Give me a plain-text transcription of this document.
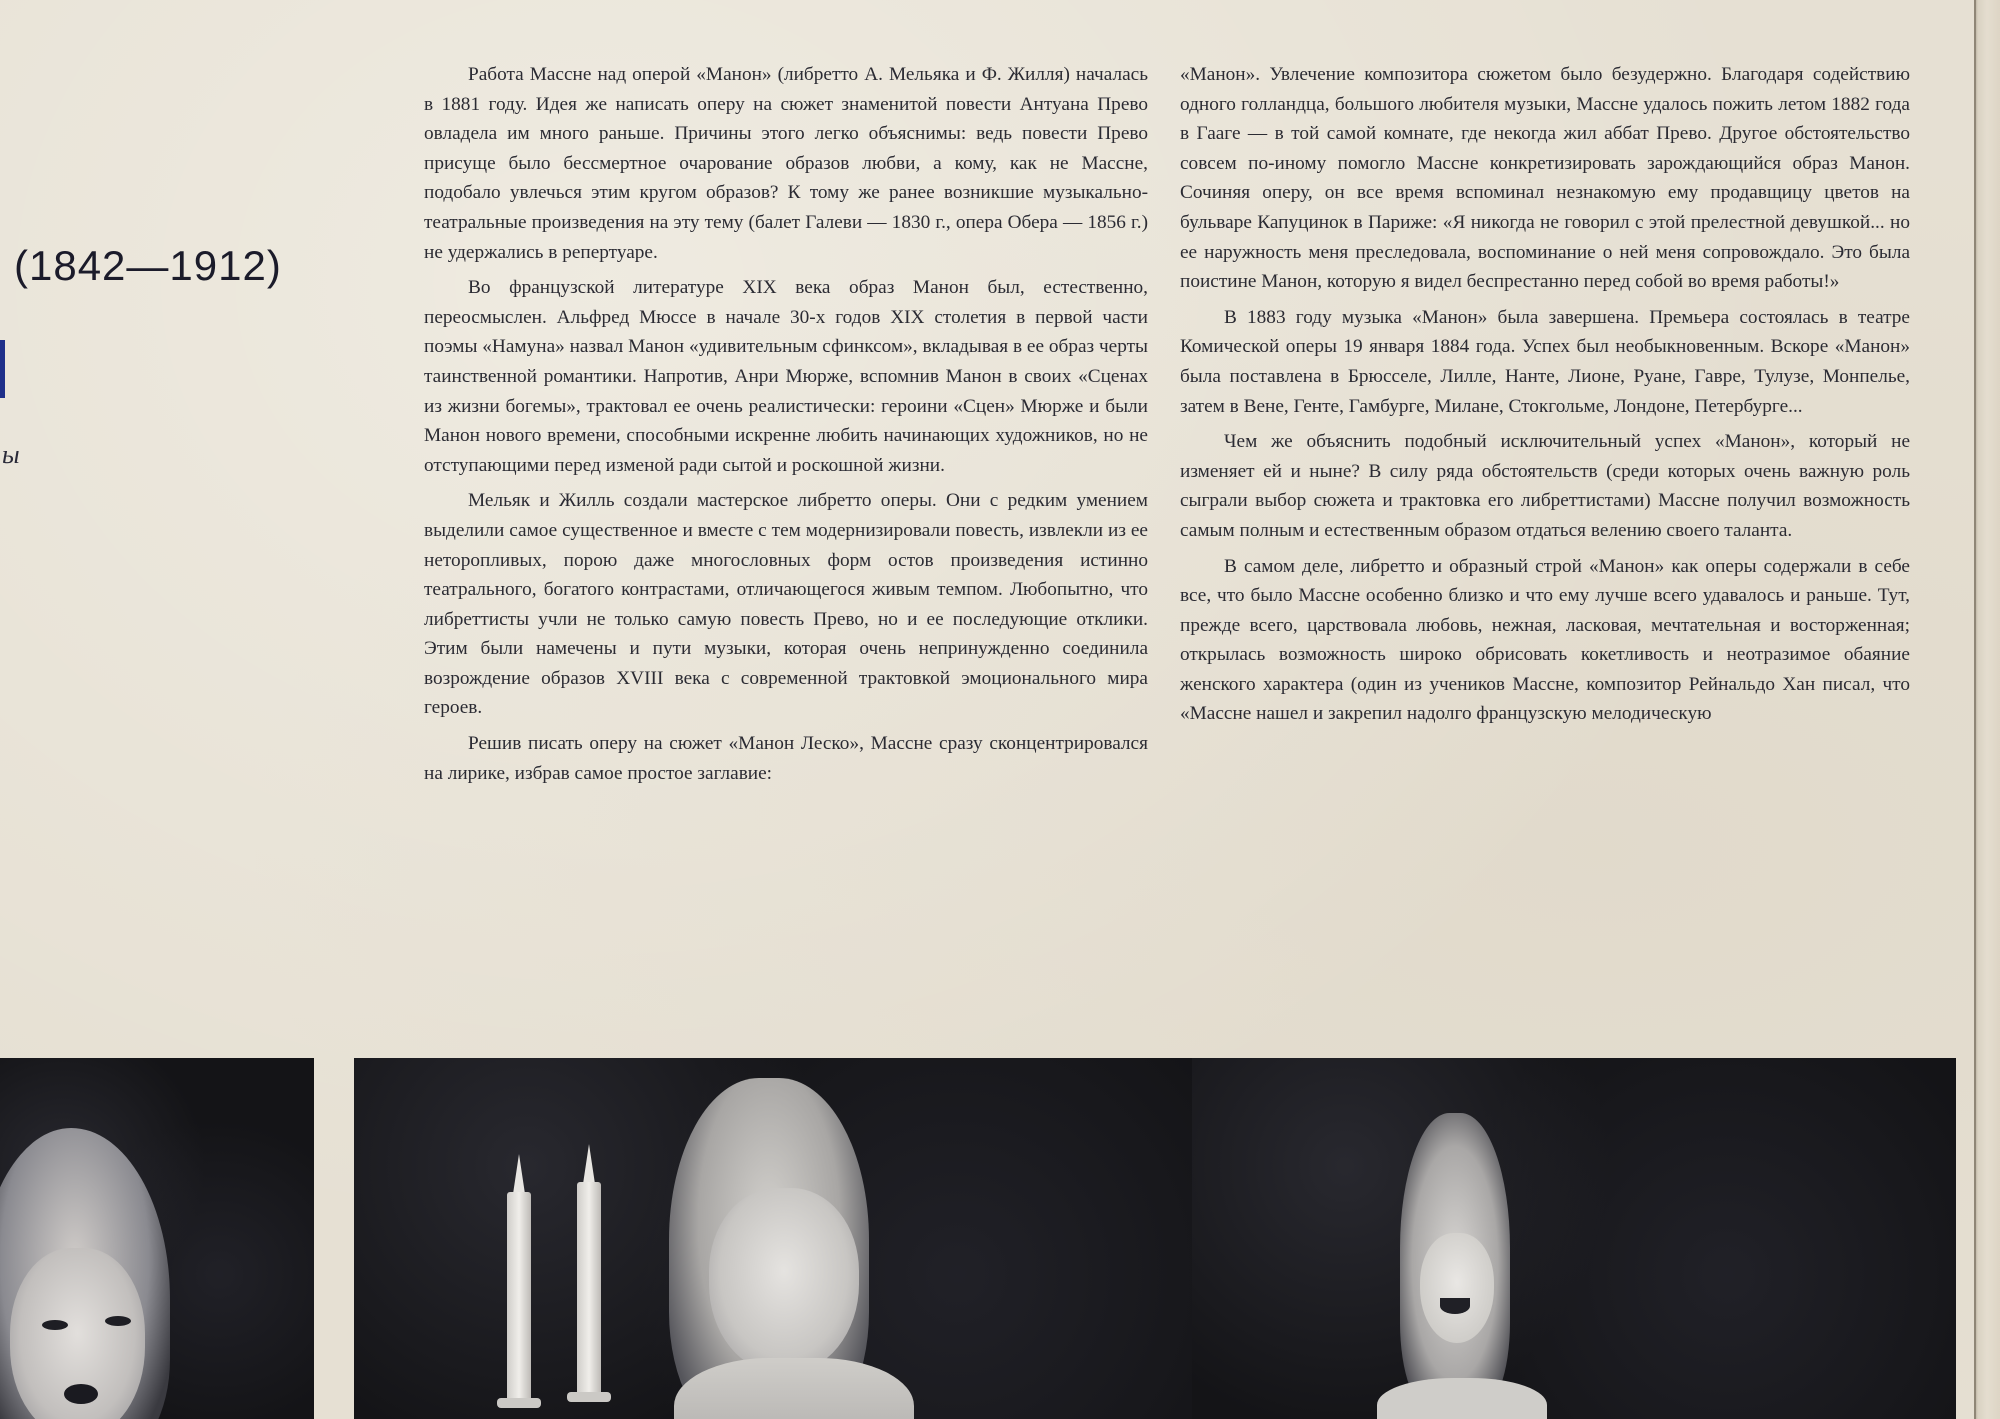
(1842—1912)
ы

Работа Массне над оперой «Манон» (либретто А. Мельяка и Ф. Жилля) началась в 1881 году. Идея же написать оперу на сюжет знаменитой повести Антуана Прево овладела им много раньше. Причины этого легко объяснимы: ведь повести Прево присуще было бессмертное очарование образов любви, а кому, как не Массне, подобало увлечься этим кругом образов? К тому же ранее возникшие музыкально-театральные произведения на эту тему (балет Галеви — 1830 г., опера Обера — 1856 г.) не удержались в репертуаре.

Во французской литературе XIX века образ Манон был, естественно, переосмыслен. Альфред Мюссе в начале 30-х годов XIX столетия в первой части поэмы «Намуна» назвал Манон «удивительным сфинксом», вкладывая в ее образ черты таинственной романтики. Напротив, Анри Мюрже, вспомнив Манон в своих «Сценах из жизни богемы», трактовал ее очень реалистически: героини «Сцен» Мюрже и были Манон нового времени, способными искренне любить начинающих художников, но не отступающими перед изменой ради сытой и роскошной жизни.

Мельяк и Жилль создали мастерское либретто оперы. Они с редким умением выделили самое существенное и вместе с тем модернизировали повесть, извлекли из ее неторопливых, порою даже многословных форм остов произведения истинно театрального, богатого контрастами, отличающегося живым темпом. Любопытно, что либреттисты учли не только самую повесть Прево, но и ее последующие отклики. Этим были намечены и пути музыки, которая очень непринужденно соединила возрождение образов XVIII века с современной трактовкой эмоционального мира героев.

Решив писать оперу на сюжет «Манон Леско», Массне сразу сконцентрировался на лирике, избрав самое простое заглавие:

«Манон». Увлечение композитора сюжетом было безудержно. Благодаря содействию одного голландца, большого любителя музыки, Массне удалось пожить летом 1882 года в Гааге — в той самой комнате, где некогда жил аббат Прево. Другое обстоятельство совсем по-иному помогло Массне конкретизировать зарождающийся образ Манон. Сочиняя оперу, он все время вспоминал незнакомую ему продавщицу цветов на бульваре Капуцинок в Париже: «Я никогда не говорил с этой прелестной девушкой... но ее наружность меня преследовала, воспоминание о ней меня сопровождало. Это была поистине Манон, которую я видел беспрестанно перед собой во время работы!»

В 1883 году музыка «Манон» была завершена. Премьера состоялась в театре Комической оперы 19 января 1884 года. Успех был необыкновенным. Вскоре «Манон» была поставлена в Брюсселе, Лилле, Нанте, Лионе, Руане, Гавре, Тулузе, Монпелье, затем в Вене, Генте, Гамбурге, Милане, Стокгольме, Лондоне, Петербурге...

Чем же объяснить подобный исключительный успех «Манон», который не изменяет ей и ныне? В силу ряда обстоятельств (среди которых очень важную роль сыграли выбор сюжета и трактовка его либреттистами) Массне получил возможность самым полным и естественным образом отдаться велению своего таланта.

В самом деле, либретто и образный строй «Манон» как оперы содержали в себе все, что было Массне особенно близко и что ему лучше всего удавалось и раньше. Тут, прежде всего, царствовала любовь, нежная, ласковая, мечтательная и восторженная; открылась возможность широко обрисовать кокетливость и неотразимое обаяние женского характера (один из учеников Массне, композитор Рейнальдо Хан писал, что «Массне нашел и закрепил надолго французскую мелодическую
